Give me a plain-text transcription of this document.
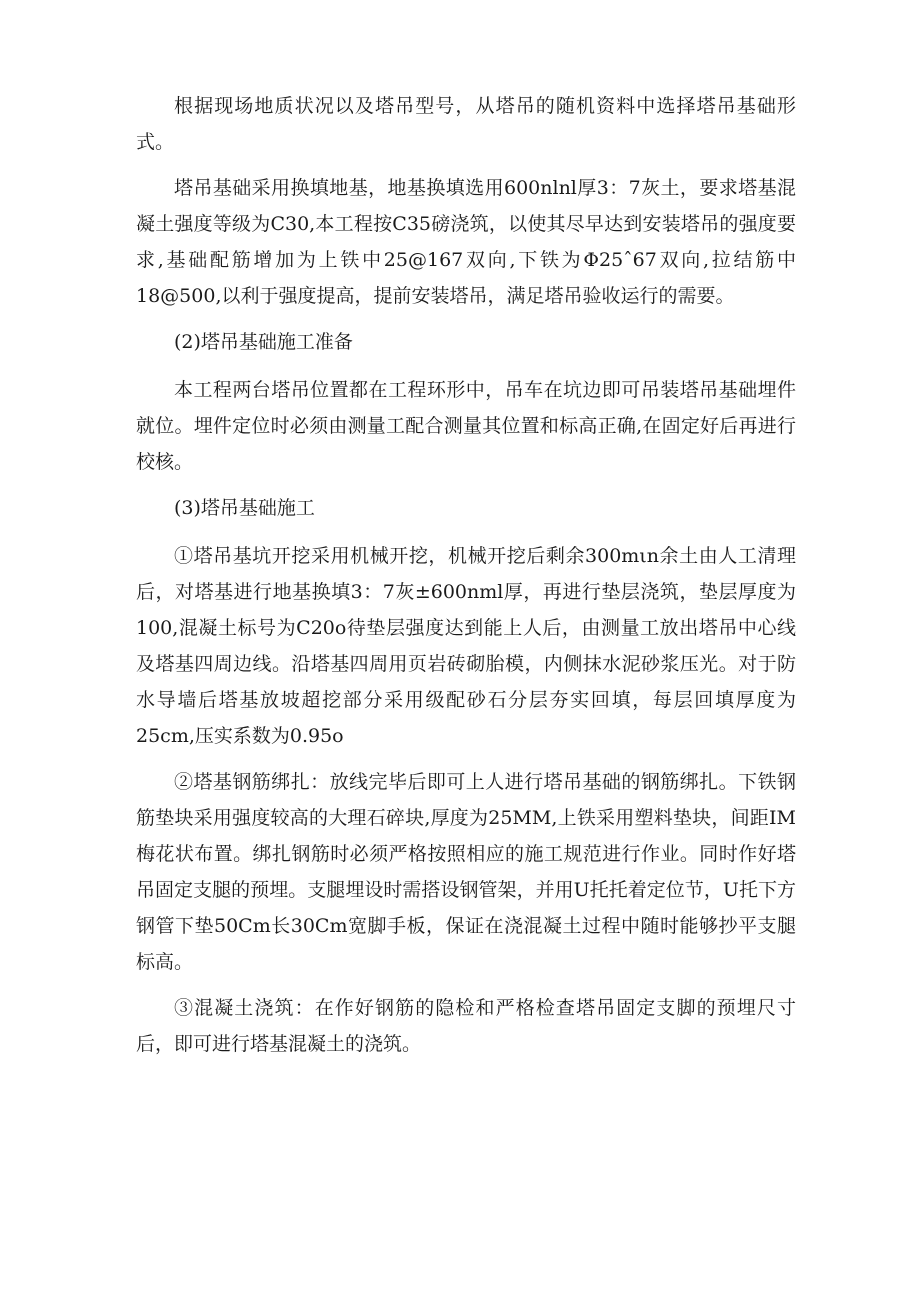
根据现场地质状况以及塔吊型号，从塔吊的随机资料中选择塔吊基础形式。

塔吊基础采用换填地基，地基换填选用600nlnl厚3：7灰土，要求塔基混凝土强度等级为C30,本工程按C35磅浇筑，以使其尽早达到安装塔吊的强度要求,基础配筋增加为上铁中25@167双向,下铁为Φ25ˆ67双向,拉结筋中18@500,以利于强度提高，提前安装塔吊，满足塔吊验收运行的需要。

(2)塔吊基础施工准备

本工程两台塔吊位置都在工程环形中，吊车在坑边即可吊装塔吊基础埋件就位。埋件定位时必须由测量工配合测量其位置和标高正确,在固定好后再进行校核。

(3)塔吊基础施工

①塔吊基坑开挖采用机械开挖，机械开挖后剩余300mιn余土由人工清理后，对塔基进行地基换填3：7灰±600nml厚，再进行垫层浇筑，垫层厚度为100,混凝土标号为C20o待垫层强度达到能上人后，由测量工放出塔吊中心线及塔基四周边线。沿塔基四周用页岩砖砌胎模，内侧抹水泥砂浆压光。对于防水导墙后塔基放坡超挖部分采用级配砂石分层夯实回填，每层回填厚度为25cm,压实系数为0.95o

②塔基钢筋绑扎：放线完毕后即可上人进行塔吊基础的钢筋绑扎。下铁钢筋垫块采用强度较高的大理石碎块,厚度为25MM,上铁采用塑料垫块，间距IM梅花状布置。绑扎钢筋时必须严格按照相应的施工规范进行作业。同时作好塔吊固定支腿的预埋。支腿埋设时需搭设钢管架，并用U托托着定位节，U托下方钢管下垫50Cm长30Cm宽脚手板，保证在浇混凝土过程中随时能够抄平支腿标高。

③混凝土浇筑：在作好钢筋的隐检和严格检查塔吊固定支脚的预埋尺寸后，即可进行塔基混凝土的浇筑。
